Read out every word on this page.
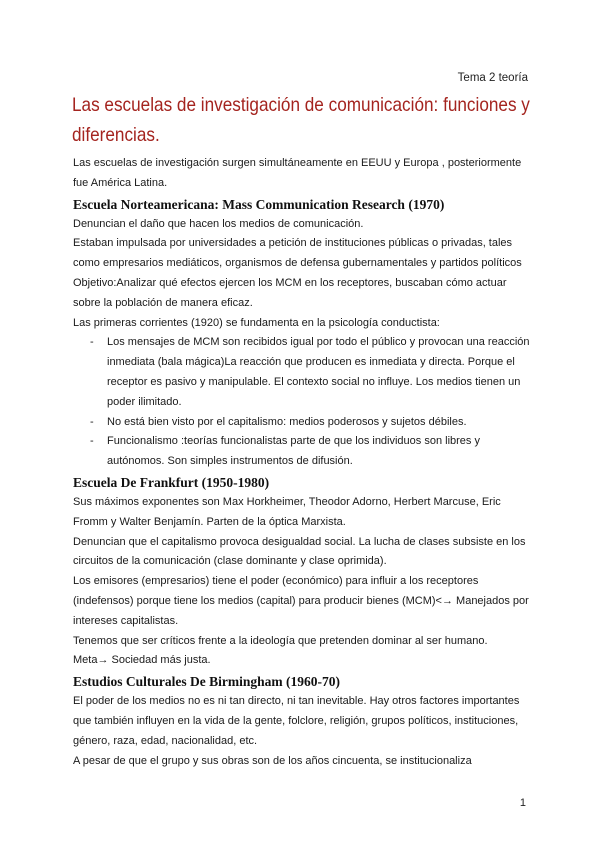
Tema 2 teoría
Las escuelas de investigación de comunicación: funciones y diferencias.

Las escuelas de investigación surgen simultáneamente en EEUU y Europa , posteriormente fue América Latina.

Escuela Norteamericana: Mass Communication Research (1970)

Denuncian el daño que hacen los medios de comunicación.

Estaban impulsada por universidades a petición de instituciones públicas o privadas, tales como empresarios mediáticos, organismos de defensa gubernamentales y partidos políticos

Objetivo:Analizar qué efectos ejercen los MCM en los receptores, buscaban cómo actuar sobre la población de manera eficaz.

Las primeras corrientes (1920) se fundamenta en la psicología conductista:

- Los mensajes de MCM son recibidos igual por todo el público y provocan una reacción inmediata (bala mágica)La reacción que producen es inmediata y directa. Porque el receptor es pasivo y manipulable. El contexto social no influye. Los medios tienen un poder ilimitado.
- No está bien visto por el capitalismo: medios poderosos y sujetos débiles.
- Funcionalismo :teorías funcionalistas parte de que los individuos son libres y autónomos. Son simples instrumentos de difusión.
Escuela De Frankfurt (1950-1980)

Sus máximos exponentes son Max Horkheimer, Theodor Adorno, Herbert Marcuse, Eric Fromm y Walter Benjamín. Parten de la óptica Marxista.

Denuncian que el capitalismo provoca desigualdad social. La lucha de clases subsiste en los circuitos de la comunicación (clase dominante y clase oprimida).

Los emisores (empresarios) tiene el poder (económico) para influir a los receptores (indefensos) porque tiene los medios (capital) para producir bienes (MCM)<→ Manejados por intereses capitalistas.

Tenemos que ser críticos frente a la ideología que pretenden dominar al ser humano.

Meta→ Sociedad más justa.

Estudios Culturales De Birmingham (1960-70)

El poder de los medios no es ni tan directo, ni tan inevitable. Hay otros factores importantes que también influyen en la vida de la gente, folclore, religión, grupos políticos, instituciones, género, raza, edad, nacionalidad, etc.

A pesar de que el grupo y sus obras son de los años cincuenta, se institucionaliza

1
